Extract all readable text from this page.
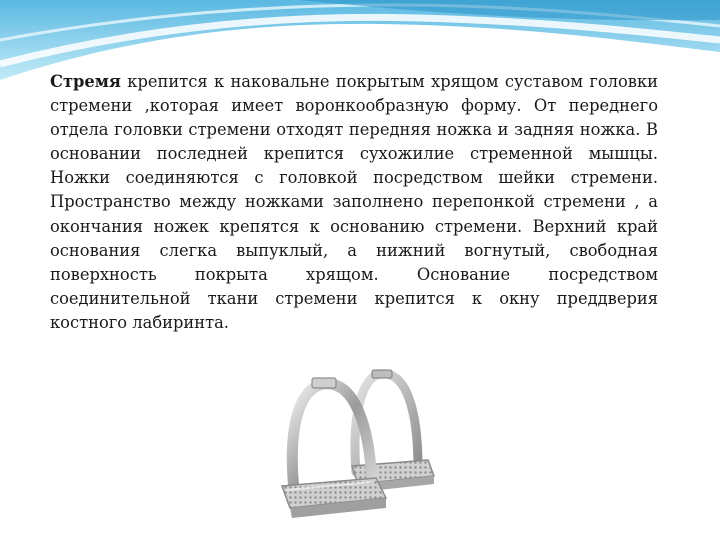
Стремя крепится к наковальне покрытым хрящом суставом головки стремени ,которая имеет воронкообразную форму. От переднего отдела головки стремени отходят передняя ножка и задняя ножка. В основании последней крепится сухожилие стременной мышцы. Ножки соединяются с головкой посредством шейки стремени. Пространство между ножками заполнено перепонкой стремени , а окончания ножек крепятся к основанию стремени. Верхний край основания слегка выпуклый, а нижний вогнутый, свободная поверхность покрыта хрящом. Основание посредством соединительной ткани стремени крепится к окну преддверия костного лабиринта.
